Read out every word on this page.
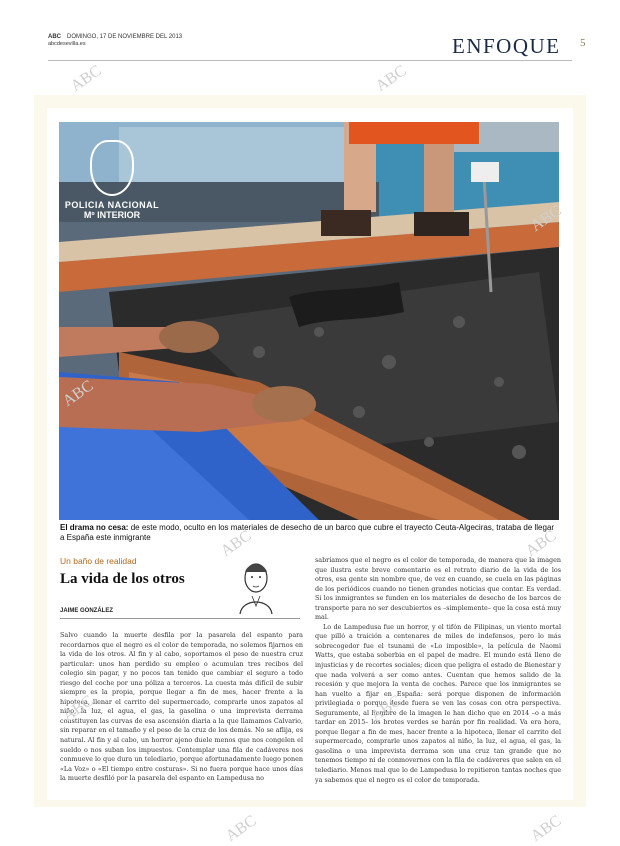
ABC DOMINGO, 17 DE NOVIEMBRE DEL 2013
abcdesevilla.es	ENFOQUE 5
POLICIA NACIONAL
Mº INTERIOR
El drama no cesa: de este modo, oculto en los materiales de desecho de un barco que cubre el trayecto Ceuta-Algeciras, trataba de llegar a España este inmigrante
Un baño de realidad
La vida de los otros
JAIME GONZÁLEZ

Salvo cuando la muerte desfila por la pasarela del espanto para recordarnos que el negro es el color de temporada, no solemos fijarnos en la vida de los otros. Al fin y al cabo, soportamos el peso de nuestra cruz particular: unos han perdido su empleo o acumulan tres recibos del colegio sin pagar, y no pocos tan tenido que cambiar el seguro a todo riesgo del coche por una póliza a terceros. La cuesta más difícil de subir siempre es la propia, porque llegar a fin de mes, hacer frente a la hipoteca, llenar el carrito del supermercado, comprarle unos zapatos al niño, la luz, el agua, el gas, la gasolina o una imprevista derrama constituyen las curvas de esa ascensión diaria a la que llamamos Calvario, sin reparar en el tamaño y el peso de la cruz de los demás. No se aflija, es natural. Al fin y al cabo, un horror ajeno duele menos que nos congelen el sueldo o nos suban los impuestos. Contemplar una fila de cadáveres nos conmueve lo que dura un telediario, porque afortunadamente luego ponen «La Voz» o «El tiempo entre costuras». Si no fuera porque hace unos días la muerte desfiló por la pasarela del espanto en Lampedusa no

sabríamos que el negro es el color de temporada, de manera que la imagen que ilustra este breve comentario es el retrato diario de la vida de los otros, esa gente sin nombre que, de vez en cuando, se cuela en las páginas de los periódicos cuando no tienen grandes noticias que contar. Es verdad. Si los inmigrantes se funden en los materiales de desecho de los barcos de transporte para no ser descubiertos es –simplemente– que la cosa está muy mal.

Lo de Lampedusa fue un horror, y el tifón de Filipinas, un viento mortal que pilló a traición a centenares de miles de indefensos, pero lo más sobrecogedor fue el tsunami de «Lo imposible», la película de Naomi Watts, que estaba soberbia en el papel de madre. El mundo está lleno de injusticias y de recortes sociales; dicen que peligra el estado de Bienestar y que nada volverá a ser como antes. Cuentan que hemos salido de la recesión y que mejora la venta de coches. Parece que los inmigrantes se han vuelto a fijar en España: será porque disponen de información privilegiada o porque desde fuera se ven las cosas con otra perspectiva. Seguramente, al hombre de la imagen le han dicho que en 2014 –o a más tardar en 2015– los brotes verdes se harán por fin realidad. Va era hora, porque llegar a fin de mes, hacer frente a la hipoteca, llenar el carrito del supermercado, comprarle unos zapatos al niño, la luz, el agua, el gas, la gasolina o una imprevista derrama son una cruz tan grande que no tenemos tiempo ni de conmovernos con la fila de cadáveres que salen en el telediario. Menos mal que lo de Lampedusa lo repitieron tantas noches que ya sabemos que el negro es el color de temporada.

ABC	ABC
ABC
ABC	ABC
ABC
ABC	ABC
ABC	ABC
